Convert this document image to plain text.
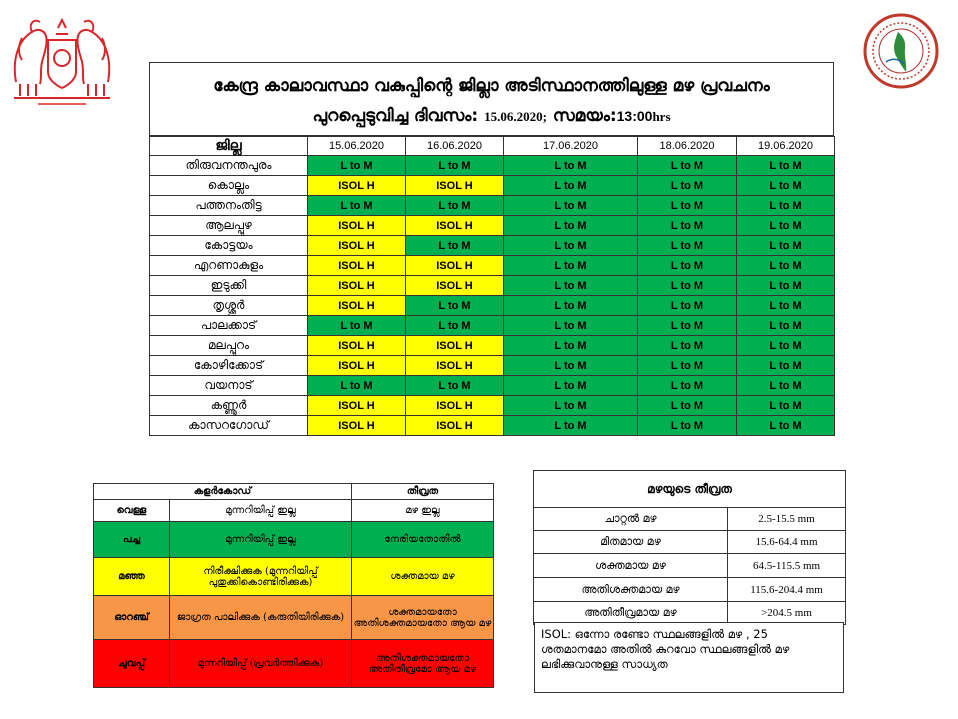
കേന്ദ്ര കാലാവസ്ഥാ വകുപ്പിന്റെ ജില്ലാ അടിസ്ഥാനത്തിലുള്ള മഴ പ്രവചനം
പുറപ്പെടുവിച്ച ദിവസം: 15.06.2020; സമയം:13:00hrs
ജില്ല	15.06.2020	16.06.2020	17.06.2020	18.06.2020	19.06.2020
തിരുവനന്തപുരം	L to M	L to M	L to M	L to M	L to M
കൊല്ലം	ISOL H	ISOL H	L to M	L to M	L to M
പത്തനംതിട്ട	L to M	L to M	L to M	L to M	L to M
ആലപ്പുഴ	ISOL H	ISOL H	L to M	L to M	L to M
കോട്ടയം	ISOL H	L to M	L to M	L to M	L to M
എറണാകുളം	ISOL H	ISOL H	L to M	L to M	L to M
ഇടുക്കി	ISOL H	ISOL H	L to M	L to M	L to M
തൃശ്ശൂർ	ISOL H	L to M	L to M	L to M	L to M
പാലക്കാട്	L to M	L to M	L to M	L to M	L to M
മലപ്പുറം	ISOL H	ISOL H	L to M	L to M	L to M
കോഴിക്കോട്	ISOL H	ISOL H	L to M	L to M	L to M
വയനാട്	L to M	L to M	L to M	L to M	L to M
കണ്ണൂർ	ISOL H	ISOL H	L to M	L to M	L to M
കാസറഗോഡ്	ISOL H	ISOL H	L to M	L to M	L to M
കളർകോഡ്		തീവ്രത
വെള്ള	മുന്നറിയിപ്പ് ഇല്ല	മഴ ഇല്ല
പച്ച	മുന്നറിയിപ്പ് ഇല്ല	നേരിയതോതിൽ
മഞ്ഞ	നിരീക്ഷിക്കുക (മുന്നറിയിപ്പ് പുതുക്കികൊണ്ടിരിക്കുക)	ശക്തമായ മഴ
ഓറഞ്ച്	ജാഗ്രത പാലിക്കുക (കരുതിയിരിക്കുക)	ശക്തമായതോ അതിശക്തമായതോ ആയ മഴ
ചുവപ്പ്	മുന്നറിയിപ്പ് (പ്രവർത്തിക്കുക)	അതിശക്തമായതോ അതിതീവ്രമോ ആയ മഴ
മഴയുടെ തീവ്രത	
ചാറ്റൽ മഴ	2.5-15.5 mm
മിതമായ മഴ	15.6-64.4 mm
ശക്തമായ മഴ	64.5-115.5 mm
അതിശക്തമായ മഴ	115.6-204.4 mm
അതിതീവ്രമായ മഴ	>204.5 mm
ISOL: ഒന്നോ രണ്ടോ സ്ഥലങ്ങളിൽ മഴ , 25 ശതമാനമോ അതിൽ കുറവോ സ്ഥലങ്ങളിൽ മഴ ലഭിക്കുവാനുള്ള സാധ്യത
